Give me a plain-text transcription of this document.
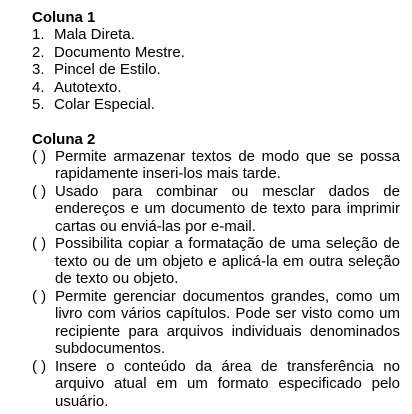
Coluna 1
1. Mala Direta.
2. Documento Mestre.
3. Pincel de Estilo.
4. Autotexto.
5. Colar Especial.
Coluna 2
( ) Permite armazenar textos de modo que se possa rapidamente inseri-los mais tarde.
( ) Usado para combinar ou mesclar dados de endereços e um documento de texto para imprimir cartas ou enviá-las por e-mail.
( ) Possibilita copiar a formatação de uma seleção de texto ou de um objeto e aplicá-la em outra seleção de texto ou objeto.
( ) Permite gerenciar documentos grandes, como um livro com vários capítulos. Pode ser visto como um recipiente para arquivos individuais denominados subdocumentos.
( ) Insere o conteúdo da área de transferência no arquivo atual em um formato especificado pelo usuário.
